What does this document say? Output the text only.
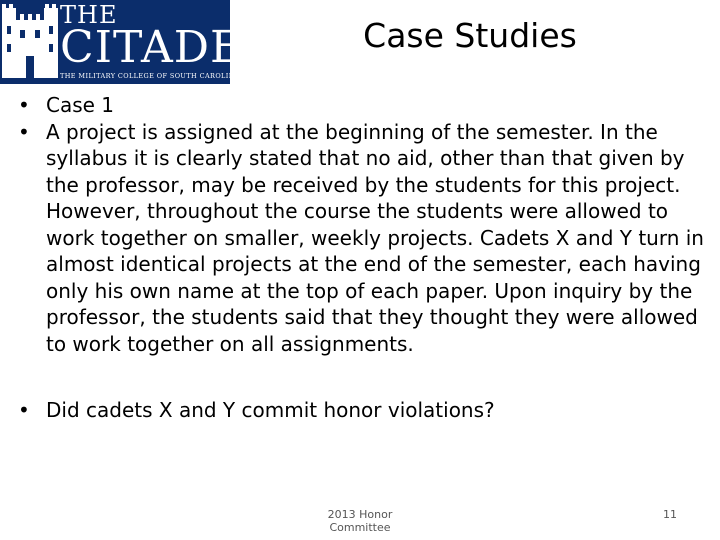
THE
CITADEL
THE MILITARY COLLEGE OF SOUTH CAROLINA
Case Studies

• Case 1

• A project is assigned at the beginning of the semester. In the syllabus it is clearly stated that no aid, other than that given by the professor, may be received by the students for this project. However, throughout the course the students were allowed to work together on smaller, weekly projects. Cadets X and Y turn in almost identical projects at the end of the semester, each having only his own name at the top of each paper. Upon inquiry by the professor, the students said that they thought they were allowed to work together on all assignments.

• Did cadets X and Y commit honor violations?

2013 Honor Committee
11
